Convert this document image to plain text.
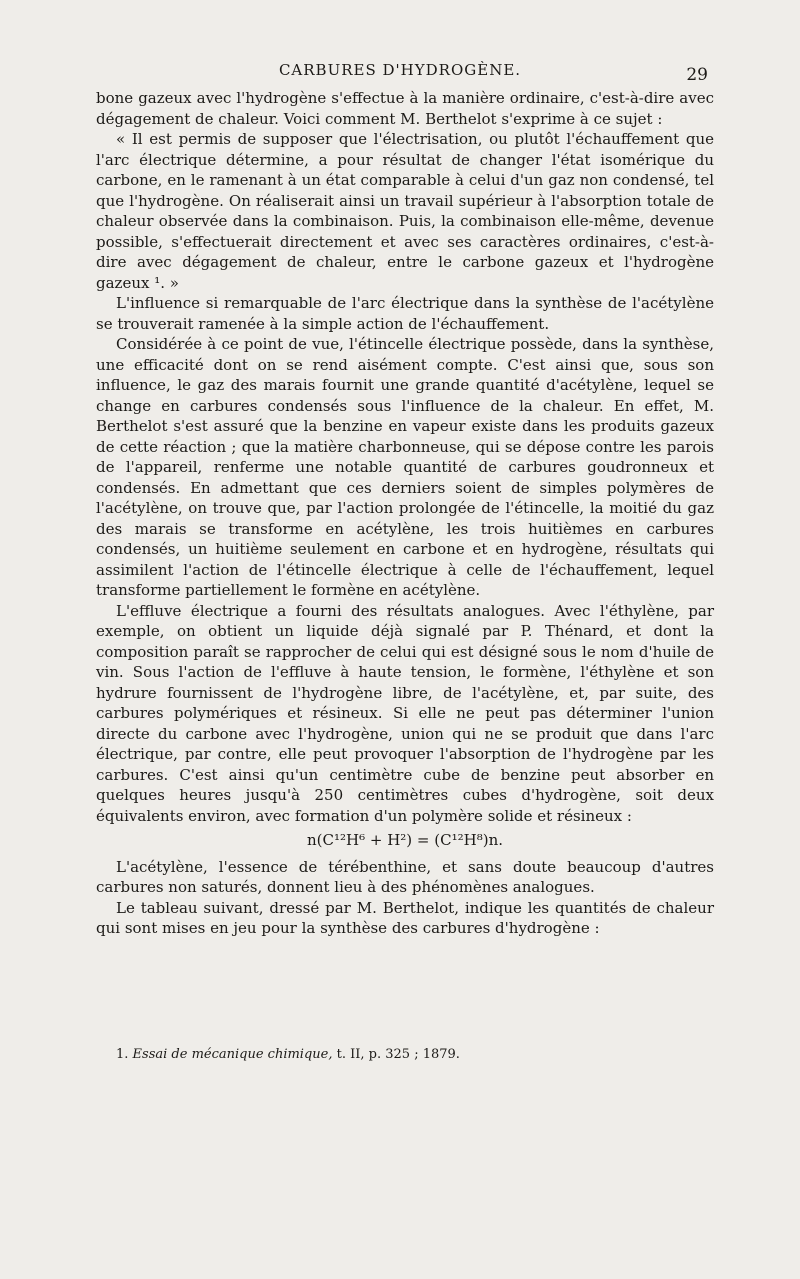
CARBURES D'HYDROGÈNE.	29

bone gazeux avec l'hydrogène s'effectue à la manière ordinaire, c'est-à-dire avec dégagement de chaleur. Voici comment M. Berthelot s'exprime à ce sujet :

« Il est permis de supposer que l'électrisation, ou plutôt l'échauffement que l'arc électrique détermine, a pour résultat de changer l'état isomérique du carbone, en le ramenant à un état comparable à celui d'un gaz non condensé, tel que l'hydrogène. On réaliserait ainsi un travail supérieur à l'absorption totale de chaleur observée dans la combinaison. Puis, la combinaison elle-même, devenue possible, s'effectuerait directement et avec ses caractères ordinaires, c'est-à-dire avec dégagement de chaleur, entre le carbone gazeux et l'hydrogène gazeux ¹. »

L'influence si remarquable de l'arc électrique dans la synthèse de l'acétylène se trouverait ramenée à la simple action de l'échauffement.

Considérée à ce point de vue, l'étincelle électrique possède, dans la synthèse, une efficacité dont on se rend aisément compte. C'est ainsi que, sous son influence, le gaz des marais fournit une grande quantité d'acétylène, lequel se change en carbures condensés sous l'influence de la chaleur. En effet, M. Berthelot s'est assuré que la benzine en vapeur existe dans les produits gazeux de cette réaction ; que la matière charbonneuse, qui se dépose contre les parois de l'appareil, renferme une notable quantité de carbures goudronneux et condensés. En admettant que ces derniers soient de simples polymères de l'acétylène, on trouve que, par l'action prolongée de l'étincelle, la moitié du gaz des marais se transforme en acétylène, les trois huitièmes en carbures condensés, un huitième seulement en carbone et en hydrogène, résultats qui assimilent l'action de l'étincelle électrique à celle de l'échauffement, lequel transforme partiellement le formène en acétylène.

L'effluve électrique a fourni des résultats analogues. Avec l'éthylène, par exemple, on obtient un liquide déjà signalé par P. Thénard, et dont la composition paraît se rapprocher de celui qui est désigné sous le nom d'huile de vin. Sous l'action de l'effluve à haute tension, le formène, l'éthylène et son hydrure fournissent de l'hydrogène libre, de l'acétylène, et, par suite, des carbures polymériques et résineux. Si elle ne peut pas déterminer l'union directe du carbone avec l'hydrogène, union qui ne se produit que dans l'arc électrique, par contre, elle peut provoquer l'absorption de l'hydrogène par les carbures. C'est ainsi qu'un centimètre cube de benzine peut absorber en quelques heures jusqu'à 250 centimètres cubes d'hydrogène, soit deux équivalents environ, avec formation d'un polymère solide et résineux :

n(C¹²H⁶ + H²) = (C¹²H⁸)n.

L'acétylène, l'essence de térébenthine, et sans doute beaucoup d'autres carbures non saturés, donnent lieu à des phénomènes analogues.

Le tableau suivant, dressé par M. Berthelot, indique les quantités de chaleur qui sont mises en jeu pour la synthèse des carbures d'hydrogène :

1. Essai de mécanique chimique, t. II, p. 325 ; 1879.
